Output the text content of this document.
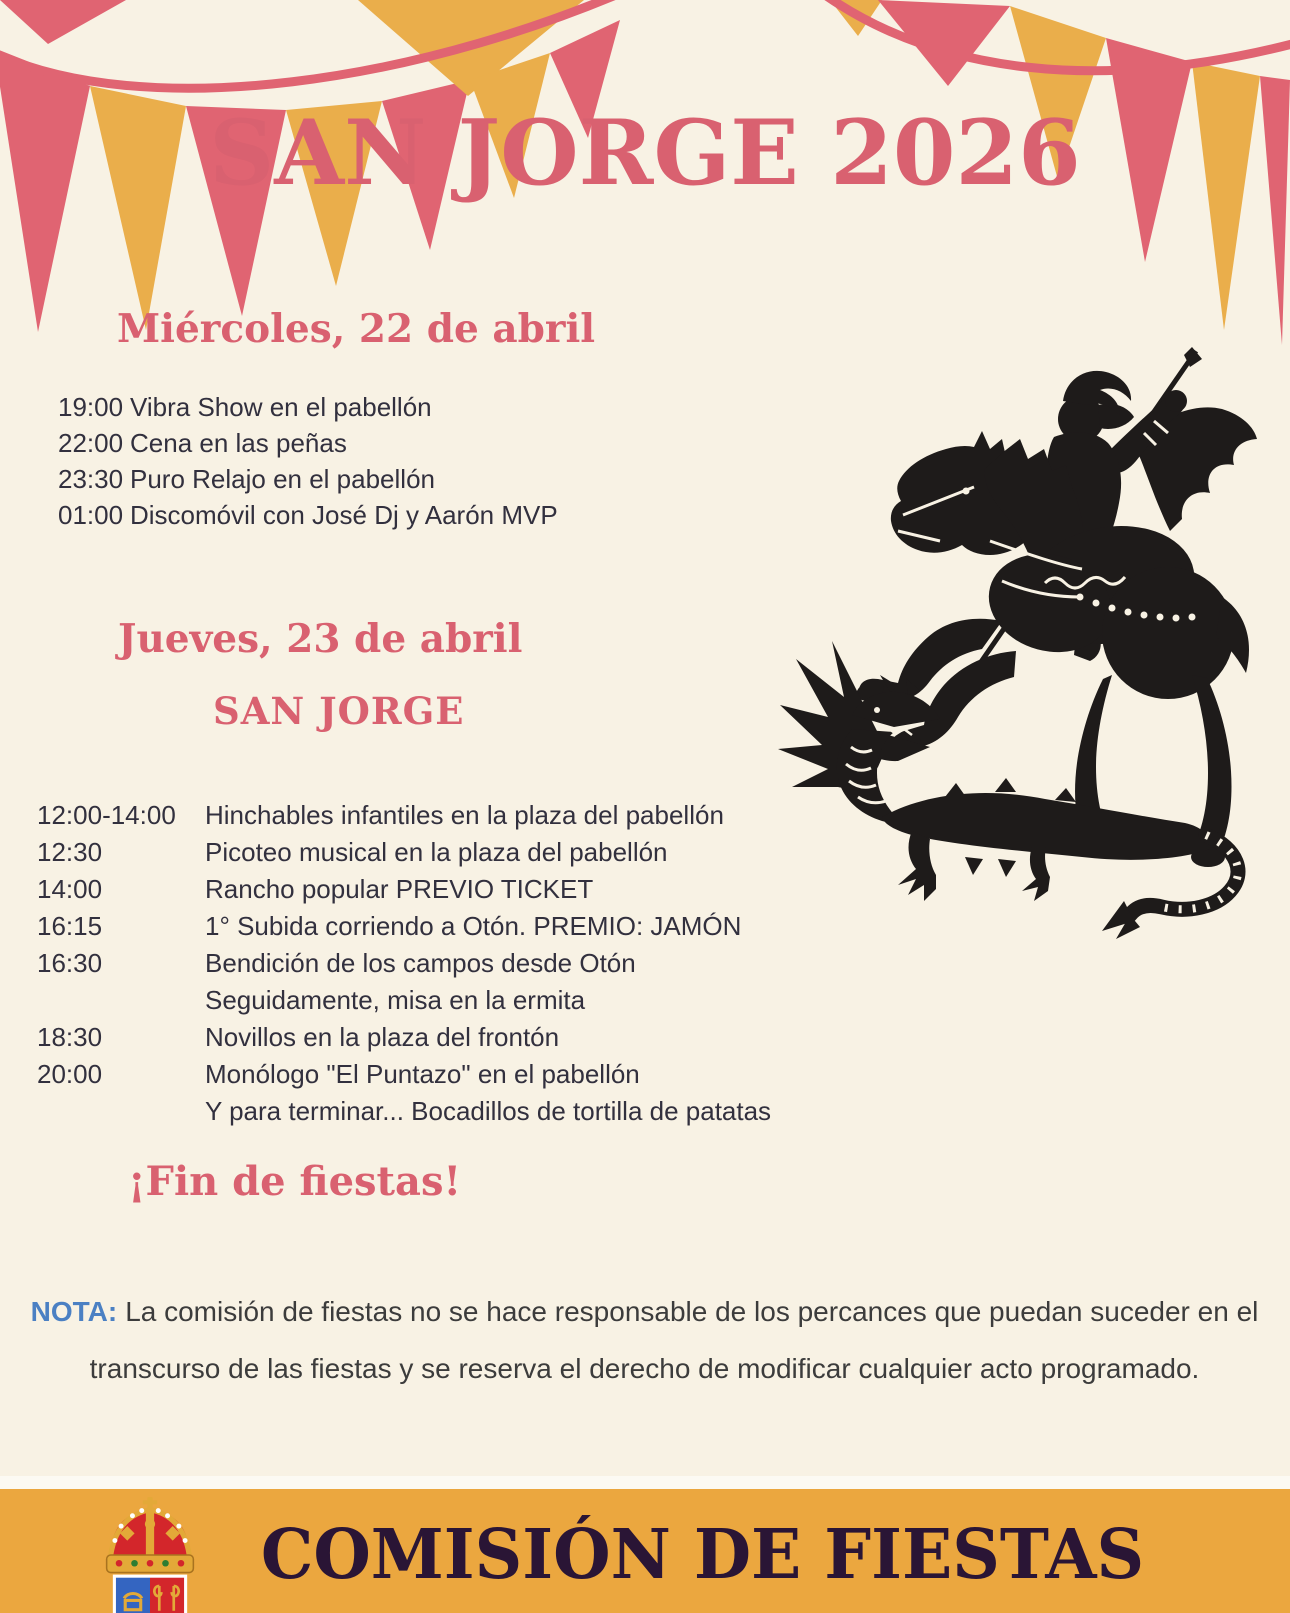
SAN JORGE 2026
Miércoles, 22 de abril
19:00 Vibra Show en el pabellón
22:00 Cena en las peñas
23:30 Puro Relajo en el pabellón
01:00 Discomóvil con José Dj y Aarón MVP
Jueves, 23 de abril
SAN JORGE
12:00-14:00	Hinchables infantiles en la plaza del pabellón
12:30	Picoteo musical en la plaza del pabellón
14:00	Rancho popular PREVIO TICKET
16:15	1° Subida corriendo a Otón. PREMIO: JAMÓN
16:30	Bendición de los campos desde Otón
Seguidamente, misa en la ermita
18:30	Novillos en la plaza del frontón
20:00	Monólogo "El Puntazo" en el pabellón
Y para terminar... Bocadillos de tortilla de patatas
¡Fin de fiestas!

NOTA: La comisión de fiestas no se hace responsable de los percances que puedan suceder en el transcurso de las fiestas y se reserva el derecho de modificar cualquier acto programado.

COMISIÓN DE FIESTAS
